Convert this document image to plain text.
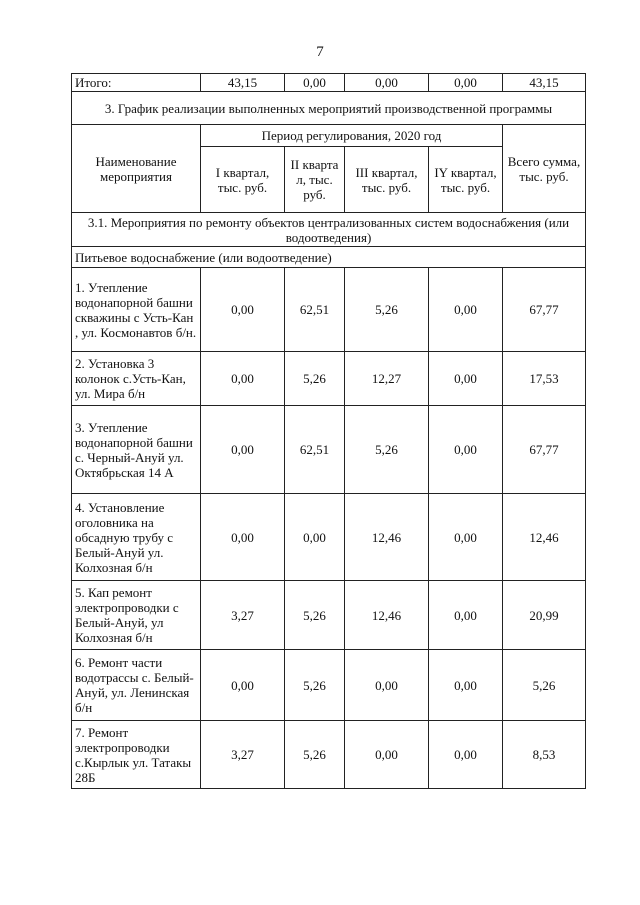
7
Итого:	43,15	0,00	0,00	0,00	43,15
3. График реализации выполненных мероприятий производственной программы					
Наименование мероприятия	Период регулирования, 2020 год				Всего сумма, тыс. руб.
	I квартал, тыс. руб.	II кварта л, тыс. руб.	III квартал, тыс. руб.	IY квартал, тыс. руб.	
3.1. Мероприятия по ремонту объектов централизованных систем водоснабжения (или водоотведения)					
Питьевое водоснабжение (или водоотведение)					
1. Утепление водонапорной башни скважины с Усть-Кан , ул. Космонавтов б/н.	0,00	62,51	5,26	0,00	67,77
2. Установка 3 колонок с.Усть-Кан, ул. Мира б/н	0,00	5,26	12,27	0,00	17,53
3. Утепление водонапорной башни с. Черный-Ануй ул. Октябрьская 14 А	0,00	62,51	5,26	0,00	67,77
4. Установление оголовника на обсадную трубу с Белый-Ануй ул. Колхозная б/н	0,00	0,00	12,46	0,00	12,46
5. Кап ремонт электропроводки с Белый-Ануй, ул Колхозная б/н	3,27	5,26	12,46	0,00	20,99
6. Ремонт части водотрассы с. Белый-Ануй, ул. Ленинская б/н	0,00	5,26	0,00	0,00	5,26
7. Ремонт электропроводки с.Кырлык ул. Татакы 28Б	3,27	5,26	0,00	0,00	8,53
